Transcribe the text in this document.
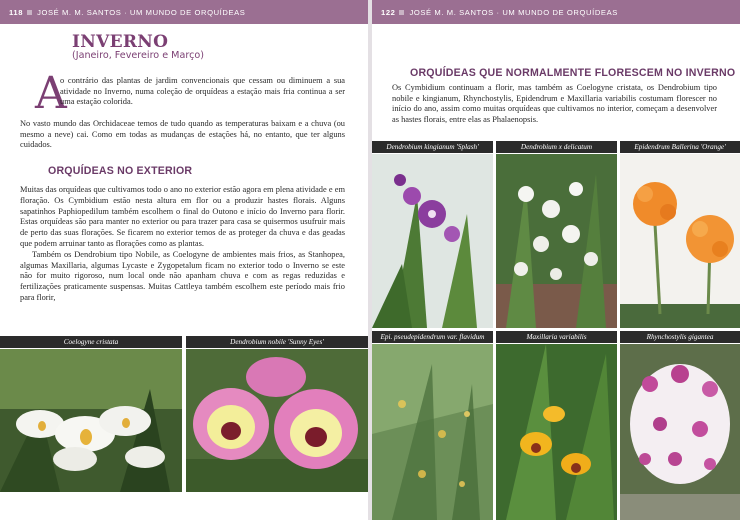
118 JOSÉ M. M. SANTOS · UM MUNDO DE ORQUÍDEAS
INVERNO
(Janeiro, Fevereiro e Março)
A
o contrário das plantas de jardim convencionais que cessam ou diminuem a sua atividade no Inverno, numa coleção de orquídeas a estação mais fria continua a ser uma estação colorida.
No vasto mundo das Orchidaceae temos de tudo quando as temperaturas baixam e a chuva (ou mesmo a neve) cai. Como em todas as mudanças de estações há, no entanto, que ter alguns cuidados.
ORQUÍDEAS NO EXTERIOR

Muitas das orquídeas que cultivamos todo o ano no exterior estão agora em plena atividade e em floração. Os Cymbidium estão nesta altura em flor ou a produzir hastes florais. Alguns sapatinhos Paphiopedilum também escolhem o final do Outono e início do Inverno para florir. Estas orquídeas são para manter no exterior ou para trazer para casa se quisermos usufruir mais de perto das suas florações. Se ficarem no exterior temos de as proteger da chuva e das geadas que podem arruinar tanto as florações como as plantas.

Também os Dendrobium tipo Nobile, as Coelogyne de ambientes mais frios, as Stanhopea, algumas Maxillaria, algumas Lycaste e Zygopetalum ficam no exterior todo o Inverno se este não for muito rigoroso, num local onde não apanham chuva e com as regas reduzidas e fertilizações praticamente suspensas. Muitas Cattleya também escolhem este período mais frio para florir,

Coelogyne cristata	Dendrobium nobile 'Sunny Eyes'
122 JOSÉ M. M. SANTOS · UM MUNDO DE ORQUÍDEAS
ORQUÍDEAS QUE NORMALMENTE FLORESCEM NO INVERNO
Os Cymbidium continuam a florir, mas também as Coelogyne cristata, os Dendrobium tipo nobile e kingianum, Rhynchostylis, Epidendrum e Maxillaria variabilis costumam florescer no início do ano, assim como muitas orquídeas que cultivamos no interior, começam a desenvolver as hastes florais, entre elas as Phalaenopsis.
Dendrobium kingianum 'Splash'	Dendrobium x delicatum	Epidendrum Ballerina 'Orange'
Epi. pseudepidendrum var. flavidum	Maxillaria variabilis	Rhynchostylis gigantea
